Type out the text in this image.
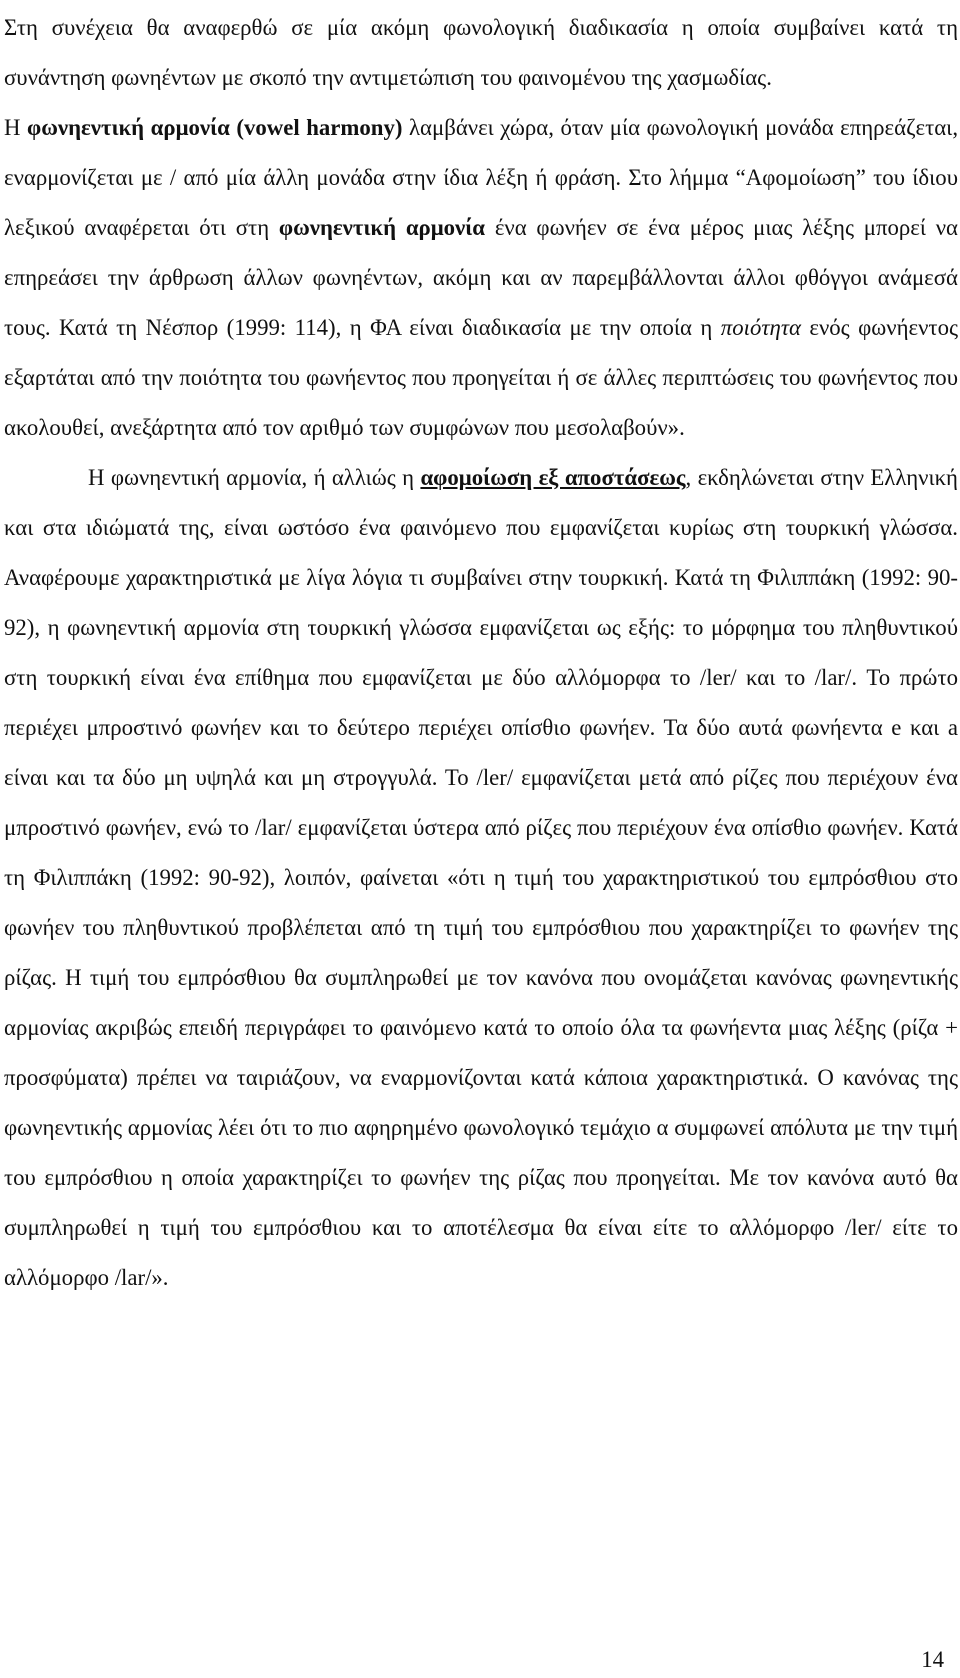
Στη συνέχεια θα αναφερθώ σε μία ακόμη φωνολογική διαδικασία η οποία συμβαίνει κατά τη συνάντηση φωνηέντων με σκοπό την αντιμετώπιση του φαινομένου της χασμωδίας.

Η φωνηεντική αρμονία (vowel harmony) λαμβάνει χώρα, όταν μία φωνολογική μονάδα επηρεάζεται, εναρμονίζεται με / από μία άλλη μονάδα στην ίδια λέξη ή φράση. Στο λήμμα “Αφομοίωση” του ίδιου λεξικού αναφέρεται ότι στη φωνηεντική αρμονία ένα φωνήεν σε ένα μέρος μιας λέξης μπορεί να επηρεάσει την άρθρωση άλλων φωνηέντων, ακόμη και αν παρεμβάλλονται άλλοι φθόγγοι ανάμεσά τους. Κατά τη Νέσπορ (1999: 114), η ΦΑ είναι διαδικασία με την οποία η ποιότητα ενός φωνήεντος εξαρτάται από την ποιότητα του φωνήεντος που προηγείται ή σε άλλες περιπτώσεις του φωνήεντος που ακολουθεί, ανεξάρτητα από τον αριθμό των συμφώνων που μεσολαβούν».

Η φωνηεντική αρμονία, ή αλλιώς η αφομοίωση εξ αποστάσεως, εκδηλώνεται στην Ελληνική και στα ιδιώματά της, είναι ωστόσο ένα φαινόμενο που εμφανίζεται κυρίως στη τουρκική γλώσσα. Αναφέρουμε χαρακτηριστικά με λίγα λόγια τι συμβαίνει στην τουρκική. Κατά τη Φιλιππάκη (1992: 90-92), η φωνηεντική αρμονία στη τουρκική γλώσσα εμφανίζεται ως εξής: το μόρφημα του πληθυντικού στη τουρκική είναι ένα επίθημα που εμφανίζεται με δύο αλλόμορφα το /ler/ και το /lar/. Το πρώτο περιέχει μπροστινό φωνήεν και το δεύτερο περιέχει οπίσθιο φωνήεν. Τα δύο αυτά φωνήεντα e και a είναι και τα δύο μη υψηλά και μη στρογγυλά. Το /ler/ εμφανίζεται μετά από ρίζες που περιέχουν ένα μπροστινό φωνήεν, ενώ το /lar/ εμφανίζεται ύστερα από ρίζες που περιέχουν ένα οπίσθιο φωνήεν. Κατά τη Φιλιππάκη (1992: 90-92), λοιπόν, φαίνεται «ότι η τιμή του χαρακτηριστικού του εμπρόσθιου στο φωνήεν του πληθυντικού προβλέπεται από τη τιμή του εμπρόσθιου που χαρακτηρίζει το φωνήεν της ρίζας. Η τιμή του εμπρόσθιου θα συμπληρωθεί με τον κανόνα που ονομάζεται κανόνας φωνηεντικής αρμονίας ακριβώς επειδή περιγράφει το φαινόμενο κατά το οποίο όλα τα φωνήεντα μιας λέξης (ρίζα + προσφύματα) πρέπει να ταιριάζουν, να εναρμονίζονται κατά κάποια χαρακτηριστικά. Ο κανόνας της φωνηεντικής αρμονίας λέει ότι το πιο αφηρημένο φωνολογικό τεμάχιο α συμφωνεί απόλυτα με την τιμή του εμπρόσθιου η οποία χαρακτηρίζει το φωνήεν της ρίζας που προηγείται. Με τον κανόνα αυτό θα συμπληρωθεί η τιμή του εμπρόσθιου και το αποτέλεσμα θα είναι είτε το αλλόμορφο /ler/ είτε το αλλόμορφο /lar/».

14
